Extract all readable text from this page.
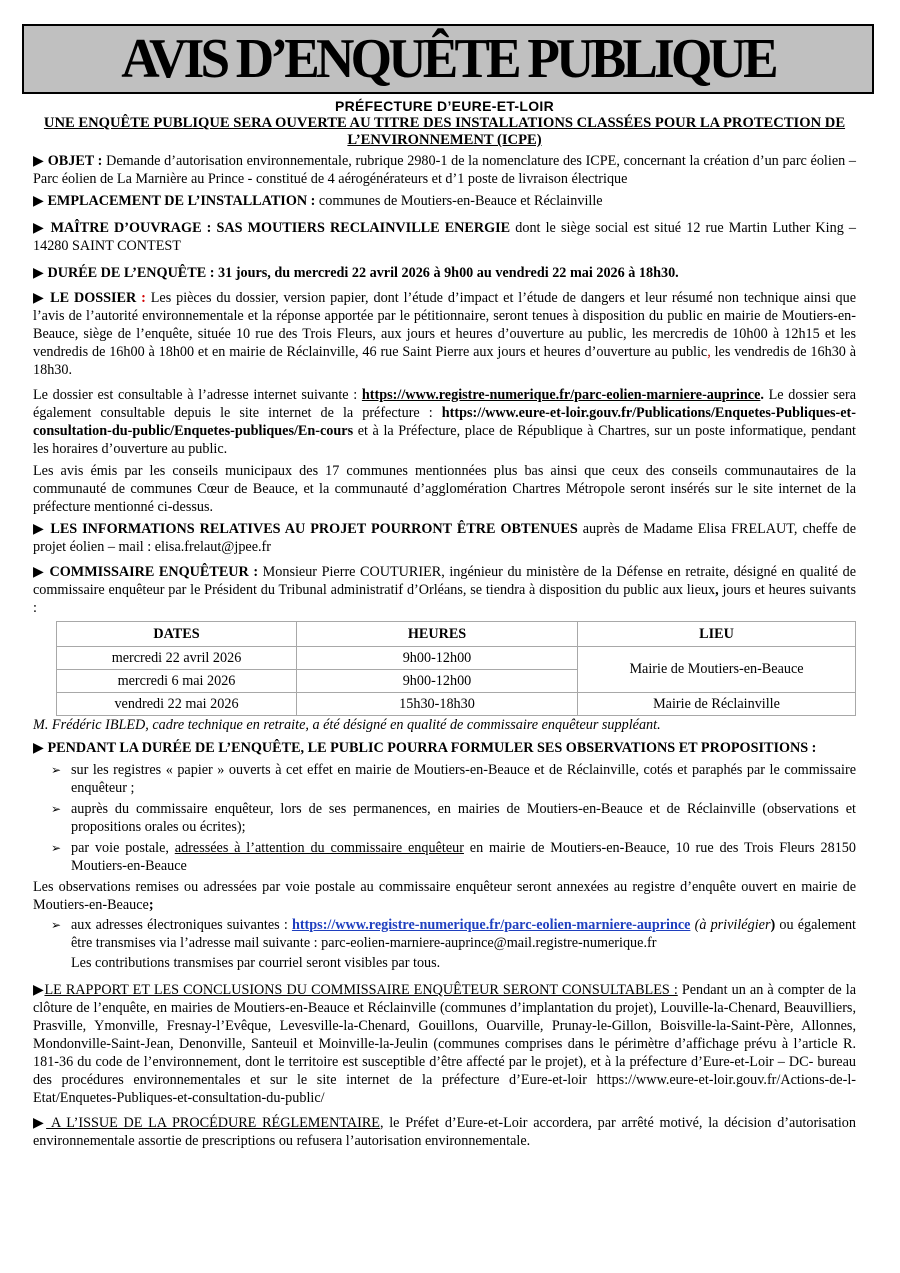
AVIS D’ENQUÊTE PUBLIQUE
PRÉFECTURE D’EURE-ET-LOIR
UNE ENQUÊTE PUBLIQUE SERA OUVERTE AU TITRE DES INSTALLATIONS CLASSÉES POUR LA PROTECTION DE L’ENVIRONNEMENT (ICPE)

▶ OBJET : Demande d’autorisation environnementale, rubrique 2980-1 de la nomenclature des ICPE, concernant la création d’un parc éolien – Parc éolien de La Marnière au Prince - constitué de 4 aérogénérateurs et d’1 poste de livraison électrique

▶ EMPLACEMENT DE L’INSTALLATION : communes de Moutiers-en-Beauce et Réclainville

▶ MAÎTRE D’OUVRAGE : SAS MOUTIERS RECLAINVILLE ENERGIE dont le siège social est situé 12 rue Martin Luther King – 14280 SAINT CONTEST

▶ DURÉE DE L’ENQUÊTE : 31 jours, du mercredi 22 avril 2026 à 9h00 au vendredi 22 mai 2026 à 18h30.

▶ LE DOSSIER : Les pièces du dossier, version papier, dont l’étude d’impact et l’étude de dangers et leur résumé non technique ainsi que l’avis de l’autorité environnementale et la réponse apportée par le pétitionnaire, seront tenues à disposition du public en mairie de Moutiers-en-Beauce, siège de l’enquête, située 10 rue des Trois Fleurs, aux jours et heures d’ouverture au public, les mercredis de 10h00 à 12h15 et les vendredis de 16h00 à 18h00 et en mairie de Réclainville, 46 rue Saint Pierre aux jours et heures d’ouverture au public, les vendredis de 16h30 à 18h30.

Le dossier est consultable à l’adresse internet suivante : https://www.registre-numerique.fr/parc-eolien-marniere-auprince. Le dossier sera également consultable depuis le site internet de la préfecture : https://www.eure-et-loir.gouv.fr/Publications/Enquetes-Publiques-et-consultation-du-public/Enquetes-publiques/En-cours et à la Préfecture, place de République à Chartres, sur un poste informatique, pendant les horaires d’ouverture au public.

Les avis émis par les conseils municipaux des 17 communes mentionnées plus bas ainsi que ceux des conseils communautaires de la communauté de communes Cœur de Beauce, et la communauté d’agglomération Chartres Métropole seront insérés sur le site internet de la préfecture mentionné ci-dessus.

▶ LES INFORMATIONS RELATIVES AU PROJET POURRONT ÊTRE OBTENUES auprès de Madame Elisa FRELAUT, cheffe de projet éolien – mail : elisa.frelaut@jpee.fr

▶ COMMISSAIRE ENQUÊTEUR : Monsieur Pierre COUTURIER, ingénieur du ministère de la Défense en retraite, désigné en qualité de commissaire enquêteur par le Président du Tribunal administratif d’Orléans, se tiendra à disposition du public aux lieux, jours et heures suivants :

DATES	HEURES	LIEU
mercredi 22 avril 2026	9h00-12h00	Mairie de Moutiers-en-Beauce
mercredi 6 mai 2026	9h00-12h00	
vendredi 22 mai 2026	15h30-18h30	Mairie de Réclainville

M. Frédéric IBLED, cadre technique en retraite, a été désigné en qualité de commissaire enquêteur suppléant.

▶ PENDANT LA DURÉE DE L’ENQUÊTE, LE PUBLIC POURRA FORMULER SES OBSERVATIONS ET PROPOSITIONS :

➢ sur les registres « papier » ouverts à cet effet en mairie de Moutiers-en-Beauce et de Réclainville, cotés et paraphés par le commissaire enquêteur ;
➢ auprès du commissaire enquêteur, lors de ses permanences, en mairies de Moutiers-en-Beauce et de Réclainville (observations et propositions orales ou écrites);
➢ par voie postale, adressées à l’attention du commissaire enquêteur en mairie de Moutiers-en-Beauce, 10 rue des Trois Fleurs 28150 Moutiers-en-Beauce

Les observations remises ou adressées par voie postale au commissaire enquêteur seront annexées au registre d’enquête ouvert en mairie de Moutiers-en-Beauce;

➢ aux adresses électroniques suivantes : https://www.registre-numerique.fr/parc-eolien-marniere-auprince (à privilégier) ou également être transmises via l’adresse mail suivante : parc-eolien-marniere-auprince@mail.registre-numerique.fr

Les contributions transmises par courriel seront visibles par tous.

▶LE RAPPORT ET LES CONCLUSIONS DU COMMISSAIRE ENQUÊTEUR SERONT CONSULTABLES : Pendant un an à compter de la clôture de l’enquête, en mairies de Moutiers-en-Beauce et Réclainville (communes d’implantation du projet), Louville-la-Chenard, Beauvilliers, Prasville, Ymonville, Fresnay-l’Evêque, Levesville-la-Chenard, Gouillons, Ouarville, Prunay-le-Gillon, Boisville-la-Saint-Père, Allonnes, Mondonville-Saint-Jean, Denonville, Santeuil et Moinville-la-Jeulin (communes comprises dans le périmètre d’affichage prévu à l’article R. 181-36 du code de l’environnement, dont le territoire est susceptible d’être affecté par le projet), et à la préfecture d’Eure-et-Loir – DC- bureau des procédures environnementales et sur le site internet de la préfecture d’Eure-et-loir https://www.eure-et-loir.gouv.fr/Actions-de-l-Etat/Enquetes-Publiques-et-consultation-du-public/

▶ A L’ISSUE DE LA PROCÉDURE RÉGLEMENTAIRE, le Préfet d’Eure-et-Loir accordera, par arrêté motivé, la décision d’autorisation environnementale assortie de prescriptions ou refusera l’autorisation environnementale.
